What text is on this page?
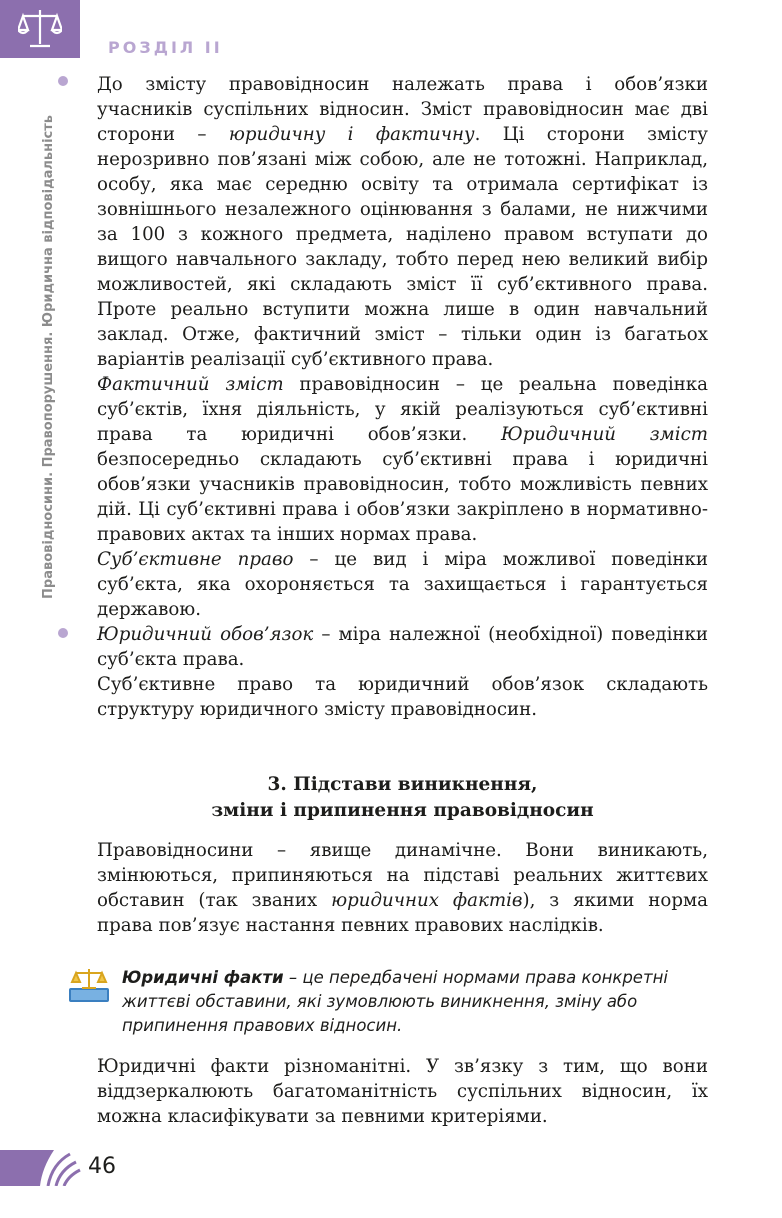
РОЗДІЛ II
Правовідносини. Правопорушення. Юридична відповідальність

До змісту правовідносин належать права і обов’язки учасників суспільних відносин. Зміст правовідносин має дві сторони – юридичну і фактичну. Ці сторони змісту нерозривно пов’язані між собою, але не тотожні. Наприклад, особу, яка має середню освіту та отримала сертифікат із зовнішнього незалежного оцінювання з балами, не нижчими за 100 з кожного предмета, наділено правом вступати до вищого навчального закладу, тобто перед нею великий вибір можливостей, які складають зміст її суб’єктивного права. Проте реально вступити можна лише в один навчальний заклад. Отже, фактичний зміст – тільки один із багатьох варіантів реалізації суб’єктивного права.

Фактичний зміст правовідносин – це реальна поведінка суб’єктів, їхня діяльність, у якій реалізуються суб’єктивні права та юридичні обов’язки. Юридичний зміст безпосередньо складають суб’єктивні права і юридичні обов’язки учасників правовідносин, тобто можливість певних дій. Ці суб’єктивні права і обов’язки закріплено в нормативно-правових актах та інших нормах права.

Суб’єктивне право – це вид і міра можливої поведінки суб’єкта, яка охороняється та захищається і гарантується державою.

Юридичний обов’язок – міра належної (необхідної) поведінки суб’єкта права.

Суб’єктивне право та юридичний обов’язок складають структуру юридичного змісту правовідносин.

3. Підстави виникнення,

зміни і припинення правовідносин

Правовідносини – явище динамічне. Вони виникають, змінюються, припиняються на підставі реальних життєвих обставин (так званих юридичних фактів), з якими норма права пов’язує настання певних правових наслідків.

Юридичні факти – це передбачені нормами права конкретні життєві обставини, які зумовлюють виникнення, зміну або припинення правових відносин.

Юридичні факти різноманітні. У зв’язку з тим, що вони віддзеркалюють багатоманітність суспільних відносин, їх можна класифікувати за певними критеріями.

46
